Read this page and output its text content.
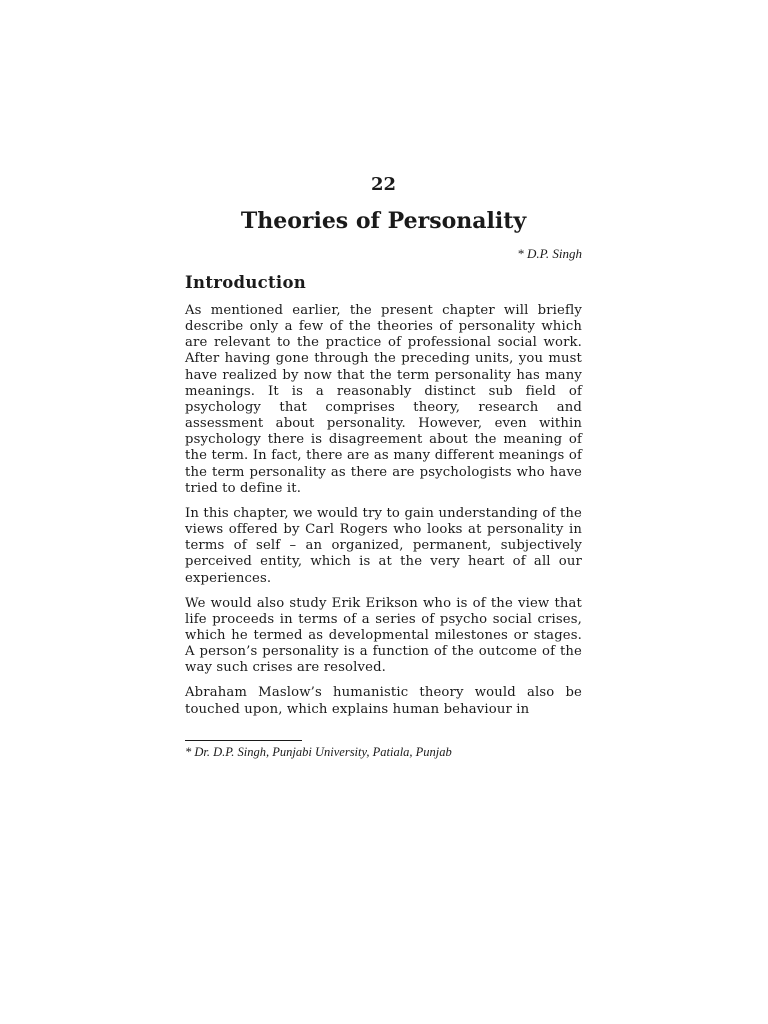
22
Theories of Personality
* D.P. Singh
Introduction

As mentioned earlier, the present chapter will briefly describe only a few of the theories of personality which are relevant to the practice of professional social work. After having gone through the preceding units, you must have realized by now that the term personality has many meanings. It is a reasonably distinct sub field of psychology that comprises theory, research and assessment about personality. However, even within psychology there is disagreement about the meaning of the term. In fact, there are as many different meanings of the term personality as there are psychologists who have tried to define it.

In this chapter, we would try to gain understanding of the views offered by Carl Rogers who looks at personality in terms of self – an organized, permanent, subjectively perceived entity, which is at the very heart of all our experiences.

We would also study Erik Erikson who is of the view that life proceeds in terms of a series of psycho social crises, which he termed as developmental milestones or stages. A person’s personality is a function of the outcome of the way such crises are resolved.

Abraham Maslow’s humanistic theory would also be touched upon, which explains human behaviour in

* Dr. D.P. Singh, Punjabi University, Patiala, Punjab
